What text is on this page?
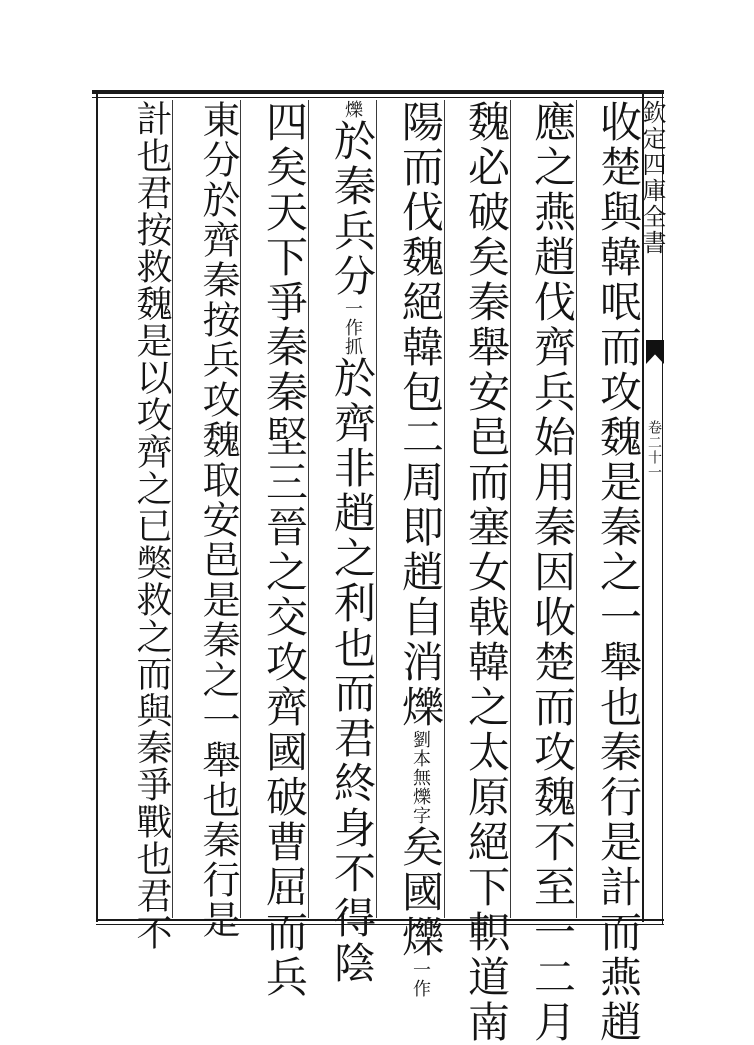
欽定四庫全書
卷二十一
收楚與韓呡而攻魏是秦之一舉也秦行是計而燕趙
應之燕趙伐齊兵始用秦因收楚而攻魏不至一二月
魏必破矣秦舉安邑而塞女戟韓之太原絕下軹道南
陽而伐魏絕韓包二周即趙自消爍劉本無爍字矣國爍一作
爍於秦兵分一作抓於齊非趙之利也而君終身不得陰
四矣天下爭秦秦堅三晉之交攻齊國破曹屈而兵
東分於齊秦按兵攻魏取安邑是秦之一舉也秦行是
計也君按救魏是以攻齊之已獘救之而與秦爭戰也君不
